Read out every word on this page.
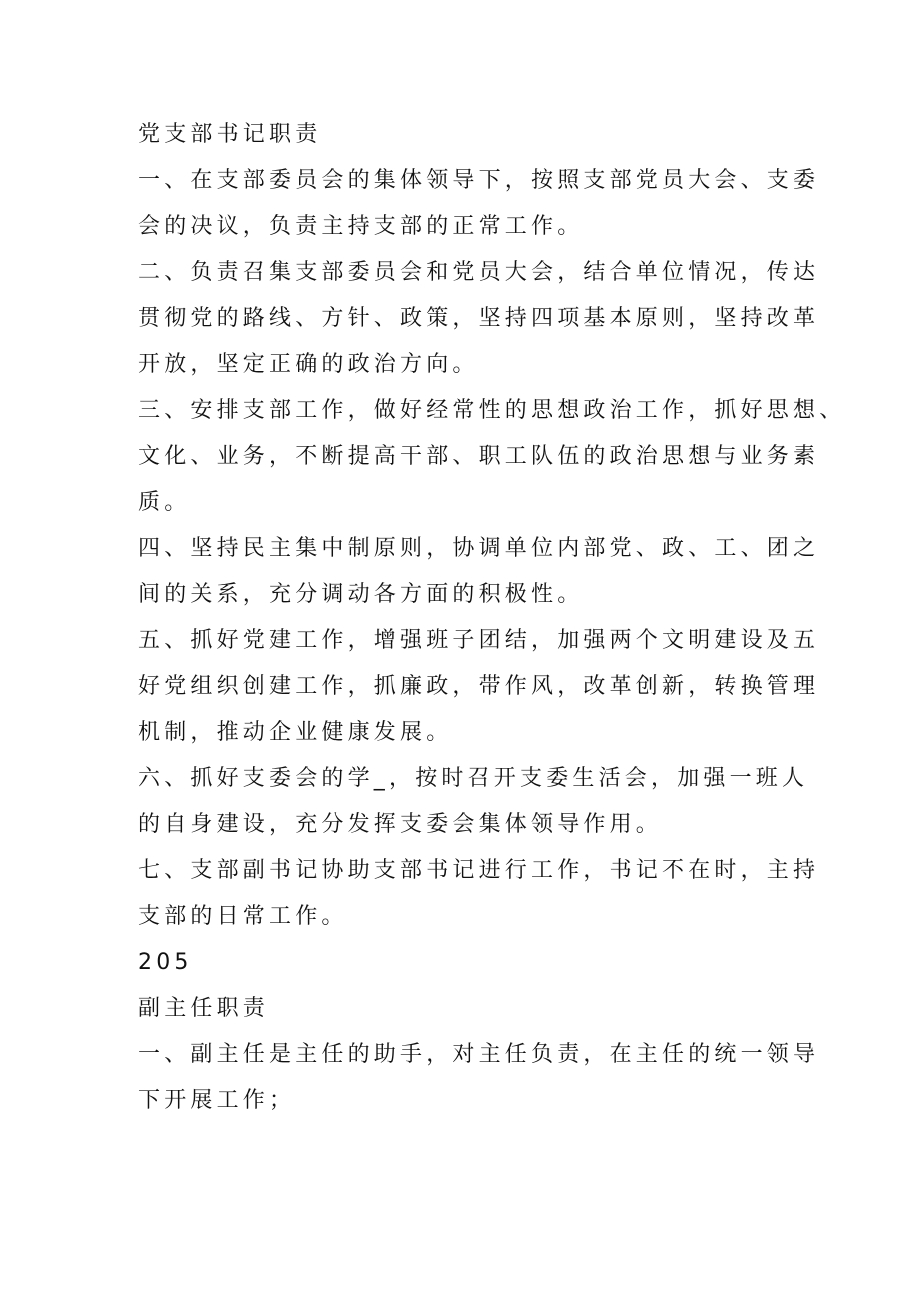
党支部书记职责

一、在支部委员会的集体领导下，按照支部党员大会、支委

会的决议，负责主持支部的正常工作。

二、负责召集支部委员会和党员大会，结合单位情况，传达

贯彻党的路线、方针、政策，坚持四项基本原则，坚持改革

开放，坚定正确的政治方向。

三、安排支部工作，做好经常性的思想政治工作，抓好思想、

文化、业务，不断提高干部、职工队伍的政治思想与业务素

质。

四、坚持民主集中制原则，协调单位内部党、政、工、团之

间的关系，充分调动各方面的积极性。

五、抓好党建工作，增强班子团结，加强两个文明建设及五

好党组织创建工作，抓廉政，带作风，改革创新，转换管理

机制，推动企业健康发展。

六、抓好支委会的学_，按时召开支委生活会，加强一班人

的自身建设，充分发挥支委会集体领导作用。

七、支部副书记协助支部书记进行工作，书记不在时，主持

支部的日常工作。

205

副主任职责

一、副主任是主任的助手，对主任负责，在主任的统一领导

下开展工作；
